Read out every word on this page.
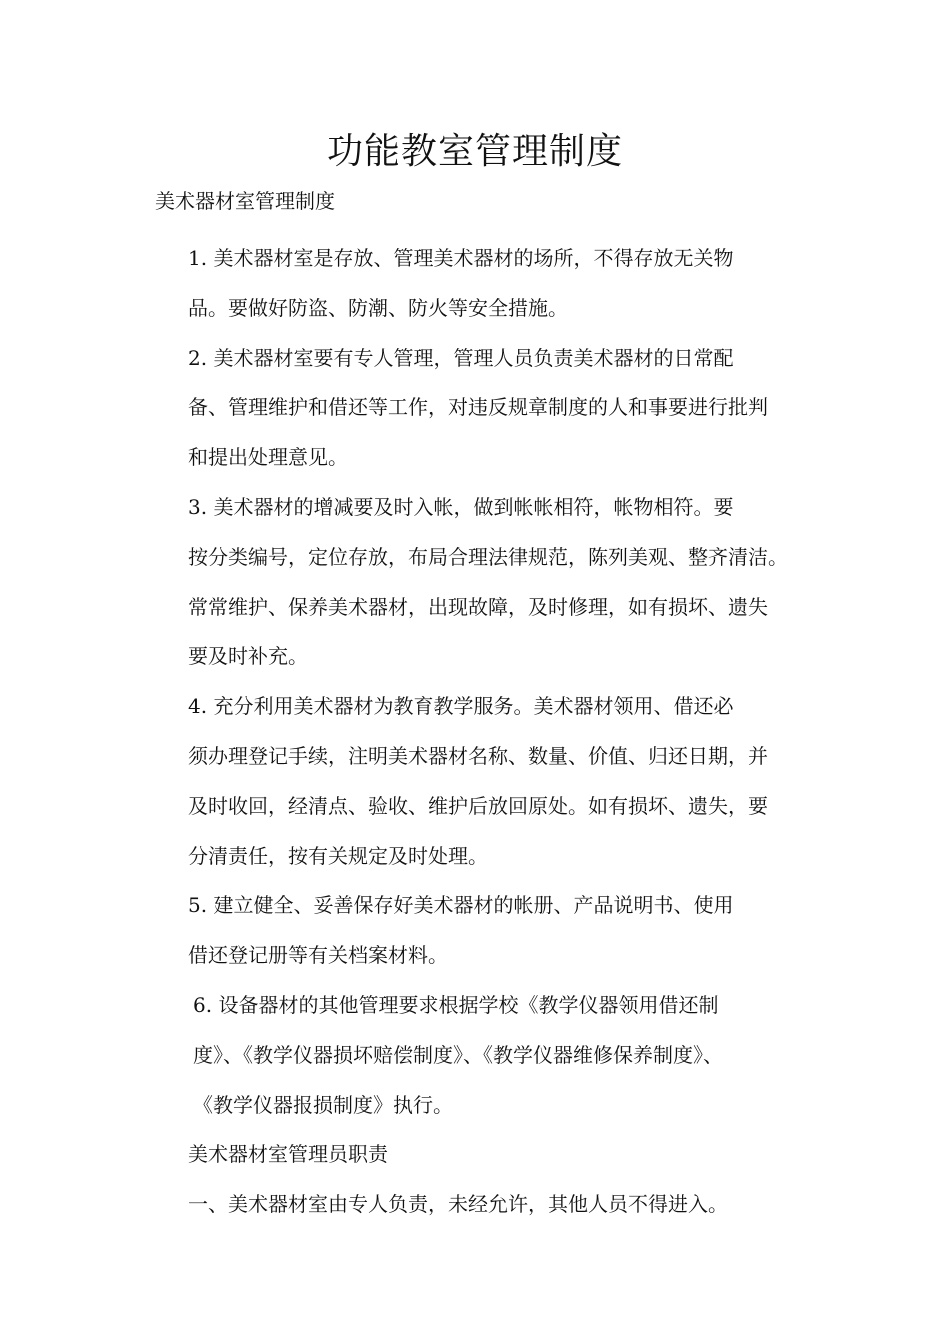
功能教室管理制度

美术器材室管理制度

1. 美术器材室是存放、管理美术器材的场所，不得存放无关物
品。要做好防盗、防潮、防火等安全措施。

2. 美术器材室要有专人管理，管理人员负责美术器材的日常配
备、管理维护和借还等工作，对违反规章制度的人和事要进行批判
和提出处理意见。

3. 美术器材的增减要及时入帐，做到帐帐相符，帐物相符。要
按分类编号，定位存放，布局合理法律规范，陈列美观、整齐清洁。
常常维护、保养美术器材，出现故障，及时修理，如有损坏、遗失
要及时补充。

4. 充分利用美术器材为教育教学服务。美术器材领用、借还必
须办理登记手续，注明美术器材名称、数量、价值、归还日期，并
及时收回，经清点、验收、维护后放回原处。如有损坏、遗失，要
分清责任，按有关规定及时处理。

5. 建立健全、妥善保存好美术器材的帐册、产品说明书、使用
借还登记册等有关档案材料。

6. 设备器材的其他管理要求根据学校《教学仪器领用借还制
度》、《教学仪器损坏赔偿制度》、《教学仪器维修保养制度》、
《教学仪器报损制度》执行。

美术器材室管理员职责

一、美术器材室由专人负责，未经允许，其他人员不得进入。
